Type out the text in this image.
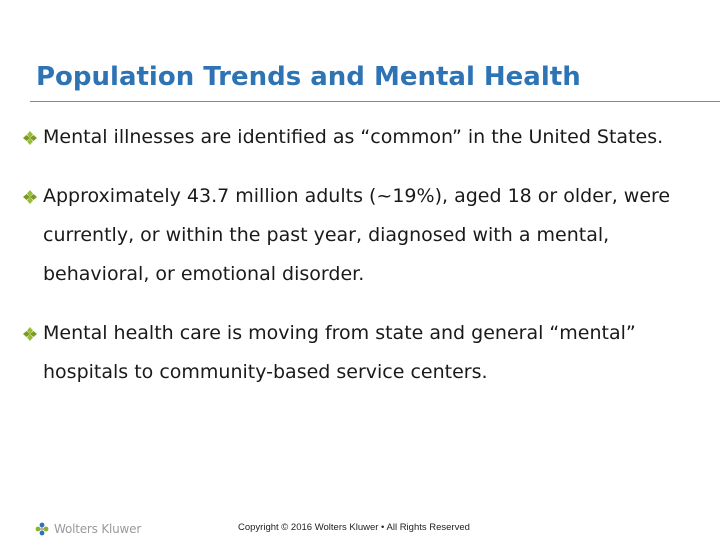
Population Trends and Mental Health
Mental illnesses are identified as “common” in the United States.
Approximately 43.7 million adults (~19%), aged 18 or older, were currently, or within the past year, diagnosed with a mental, behavioral, or emotional disorder.
Mental health care is moving from state and general “mental” hospitals to community-based service centers.
Wolters Kluwer	Copyright © 2016 Wolters Kluwer • All Rights Reserved
